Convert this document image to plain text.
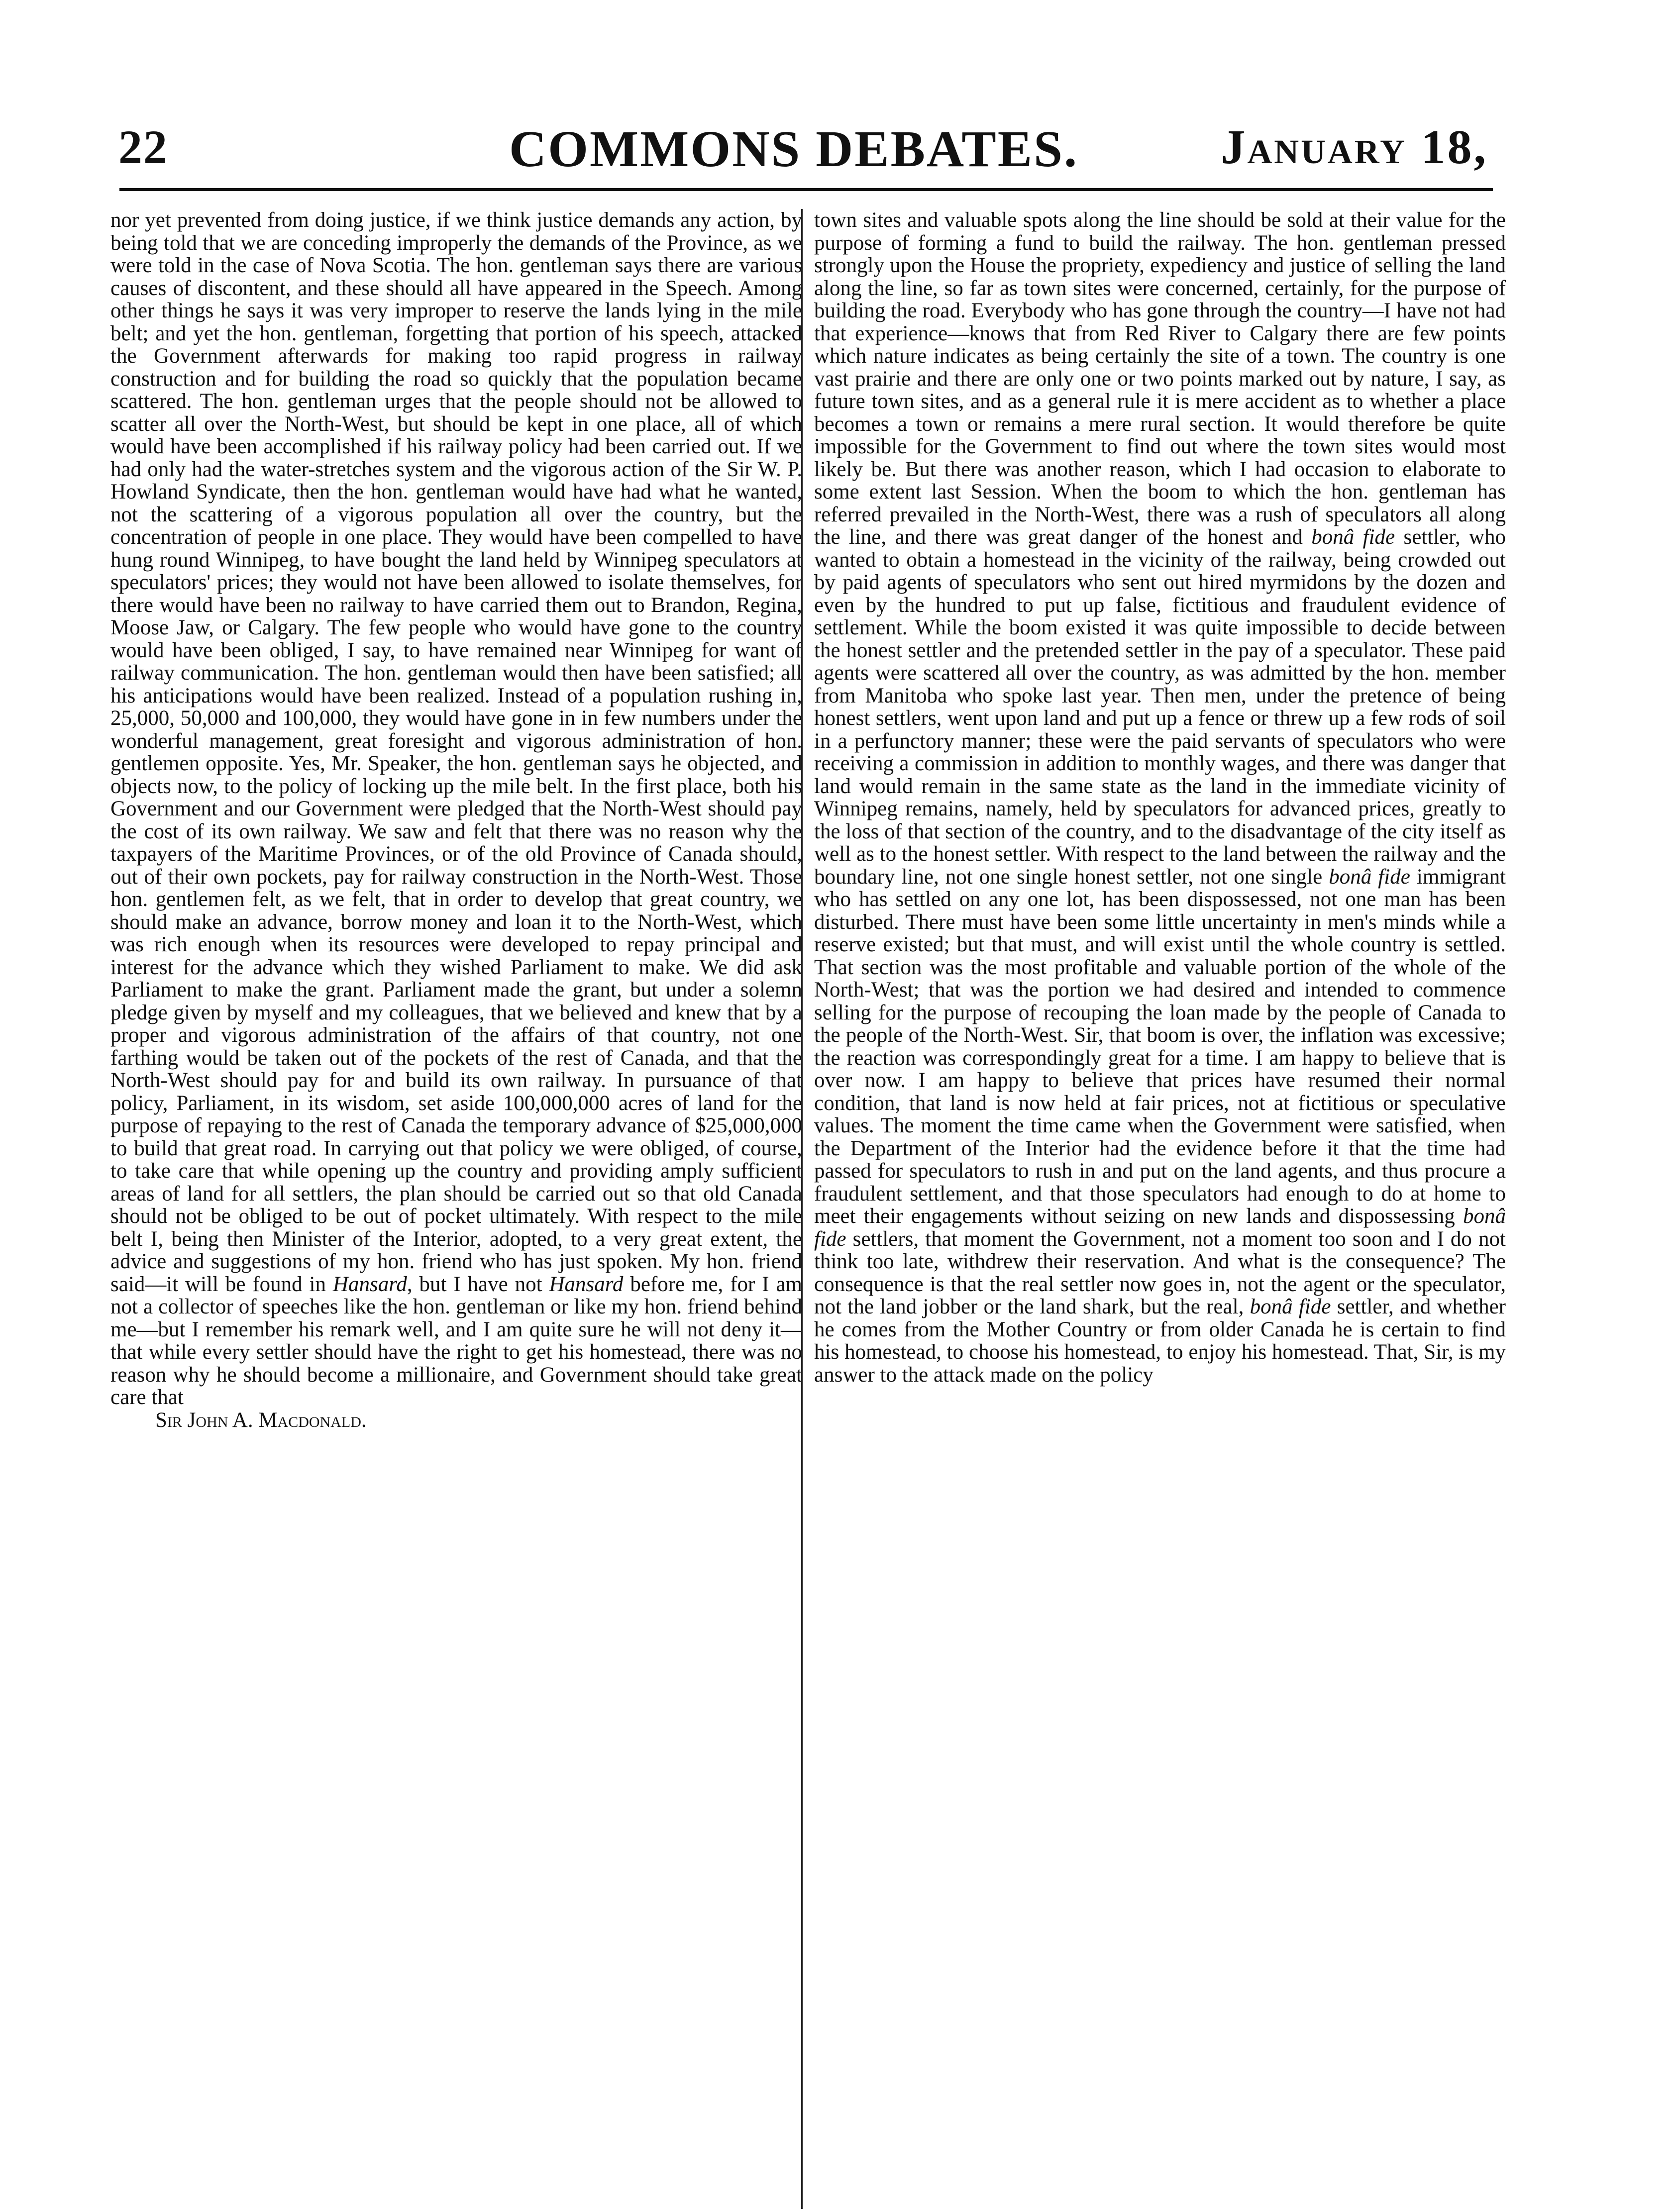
22	COMMONS DEBATES.	January 18,

nor yet prevented from doing justice, if we think justice demands any action, by being told that we are conceding improperly the demands of the Province, as we were told in the case of Nova Scotia. The hon. gentleman says there are various causes of discontent, and these should all have appeared in the Speech. Among other things he says it was very improper to reserve the lands lying in the mile belt; and yet the hon. gentleman, forgetting that portion of his speech, attacked the Government afterwards for making too rapid progress in railway construction and for building the road so quickly that the population became scattered. The hon. gentleman urges that the people should not be allowed to scatter all over the North-West, but should be kept in one place, all of which would have been accomplished if his railway policy had been carried out. If we had only had the water-stretches system and the vigorous action of the Sir W. P. Howland Syndicate, then the hon. gentleman would have had what he wanted, not the scattering of a vigorous population all over the country, but the concentration of people in one place. They would have been compelled to have hung round Winnipeg, to have bought the land held by Winnipeg speculators at speculators' prices; they would not have been allowed to isolate themselves, for there would have been no railway to have carried them out to Brandon, Regina, Moose Jaw, or Calgary. The few people who would have gone to the country would have been obliged, I say, to have remained near Winnipeg for want of railway communication. The hon. gentleman would then have been satisfied; all his anticipations would have been realized. Instead of a population rushing in, 25,000, 50,000 and 100,000, they would have gone in in few numbers under the wonderful management, great foresight and vigorous administration of hon. gentlemen opposite. Yes, Mr. Speaker, the hon. gentleman says he objected, and objects now, to the policy of locking up the mile belt. In the first place, both his Government and our Government were pledged that the North-West should pay the cost of its own railway. We saw and felt that there was no reason why the taxpayers of the Maritime Provinces, or of the old Province of Canada should, out of their own pockets, pay for railway construction in the North-West. Those hon. gentlemen felt, as we felt, that in order to develop that great country, we should make an advance, borrow money and loan it to the North-West, which was rich enough when its resources were developed to repay principal and interest for the advance which they wished Parliament to make. We did ask Parliament to make the grant. Parliament made the grant, but under a solemn pledge given by myself and my colleagues, that we believed and knew that by a proper and vigorous administration of the affairs of that country, not one farthing would be taken out of the pockets of the rest of Canada, and that the North-West should pay for and build its own railway. In pursuance of that policy, Parliament, in its wisdom, set aside 100,000,000 acres of land for the purpose of repaying to the rest of Canada the temporary advance of $25,000,000 to build that great road. In carrying out that policy we were obliged, of course, to take care that while opening up the country and providing amply sufficient areas of land for all settlers, the plan should be carried out so that old Canada should not be obliged to be out of pocket ultimately. With respect to the mile belt I, being then Minister of the Interior, adopted, to a very great extent, the advice and suggestions of my hon. friend who has just spoken. My hon. friend said—it will be found in Hansard, but I have not Hansard before me, for I am not a collector of speeches like the hon. gentleman or like my hon. friend behind me—but I remember his remark well, and I am quite sure he will not deny it—that while every settler should have the right to get his homestead, there was no reason why he should become a millionaire, and Government should take great care that

Sir John A. Macdonald.

town sites and valuable spots along the line should be sold at their value for the purpose of forming a fund to build the railway. The hon. gentleman pressed strongly upon the House the propriety, expediency and justice of selling the land along the line, so far as town sites were concerned, certainly, for the purpose of building the road. Everybody who has gone through the country—I have not had that experience—knows that from Red River to Calgary there are few points which nature indicates as being certainly the site of a town. The country is one vast prairie and there are only one or two points marked out by nature, I say, as future town sites, and as a general rule it is mere accident as to whether a place becomes a town or remains a mere rural section. It would therefore be quite impossible for the Government to find out where the town sites would most likely be. But there was another reason, which I had occasion to elaborate to some extent last Session. When the boom to which the hon. gentleman has referred prevailed in the North-West, there was a rush of speculators all along the line, and there was great danger of the honest and bonâ fide settler, who wanted to obtain a homestead in the vicinity of the railway, being crowded out by paid agents of speculators who sent out hired myrmidons by the dozen and even by the hundred to put up false, fictitious and fraudulent evidence of settlement. While the boom existed it was quite impossible to decide between the honest settler and the pretended settler in the pay of a speculator. These paid agents were scattered all over the country, as was admitted by the hon. member from Manitoba who spoke last year. Then men, under the pretence of being honest settlers, went upon land and put up a fence or threw up a few rods of soil in a perfunctory manner; these were the paid servants of speculators who were receiving a commission in addition to monthly wages, and there was danger that land would remain in the same state as the land in the immediate vicinity of Winnipeg remains, namely, held by speculators for advanced prices, greatly to the loss of that section of the country, and to the disadvantage of the city itself as well as to the honest settler. With respect to the land between the railway and the boundary line, not one single honest settler, not one single bonâ fide immigrant who has settled on any one lot, has been dispossessed, not one man has been disturbed. There must have been some little uncertainty in men's minds while a reserve existed; but that must, and will exist until the whole country is settled. That section was the most profitable and valuable portion of the whole of the North-West; that was the portion we had desired and intended to commence selling for the purpose of recouping the loan made by the people of Canada to the people of the North-West. Sir, that boom is over, the inflation was excessive; the reaction was correspondingly great for a time. I am happy to believe that is over now. I am happy to believe that prices have resumed their normal condition, that land is now held at fair prices, not at fictitious or speculative values. The moment the time came when the Government were satisfied, when the Department of the Interior had the evidence before it that the time had passed for speculators to rush in and put on the land agents, and thus procure a fraudulent settlement, and that those speculators had enough to do at home to meet their engagements without seizing on new lands and dispossessing bonâ fide settlers, that moment the Government, not a moment too soon and I do not think too late, withdrew their reservation. And what is the consequence? The consequence is that the real settler now goes in, not the agent or the speculator, not the land jobber or the land shark, but the real, bonâ fide settler, and whether he comes from the Mother Country or from older Canada he is certain to find his homestead, to choose his homestead, to enjoy his homestead. That, Sir, is my answer to the attack made on the policy
